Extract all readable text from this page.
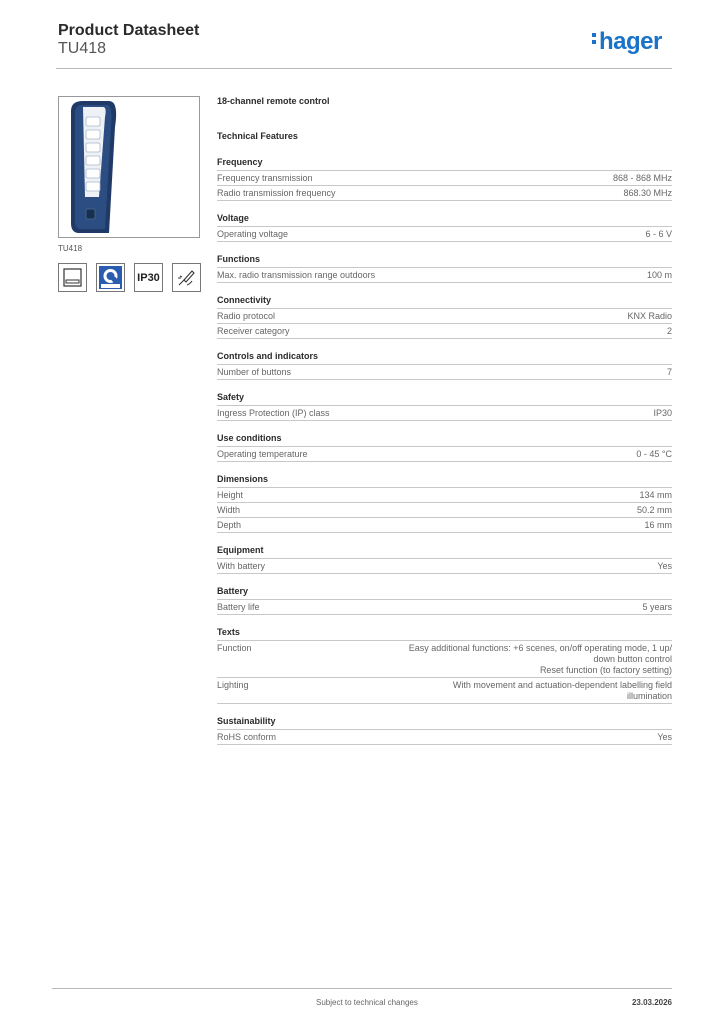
Product Datasheet
TU418	hager
TU418
IP30
18-channel remote control
Technical Features
Frequency
Frequency transmission	868 - 868 MHz
Radio transmission frequency	868.30 MHz
Voltage
Operating voltage	6 - 6 V
Functions
Max. radio transmission range outdoors	100 m
Connectivity
Radio protocol	KNX Radio
Receiver category	2
Controls and indicators
Number of buttons	7
Safety
Ingress Protection (IP) class	IP30
Use conditions
Operating temperature	0 - 45 °C
Dimensions
Height	134 mm
Width	50.2 mm
Depth	16 mm
Equipment
With battery	Yes
Battery
Battery life	5 years
Texts
Function	Easy additional functions: +6 scenes, on/off operating mode, 1 up/
down button control
Reset function (to factory setting)
Lighting	With movement and actuation-dependent labelling field
illumination
Sustainability
RoHS conform	Yes
Subject to technical changes	23.03.2026
